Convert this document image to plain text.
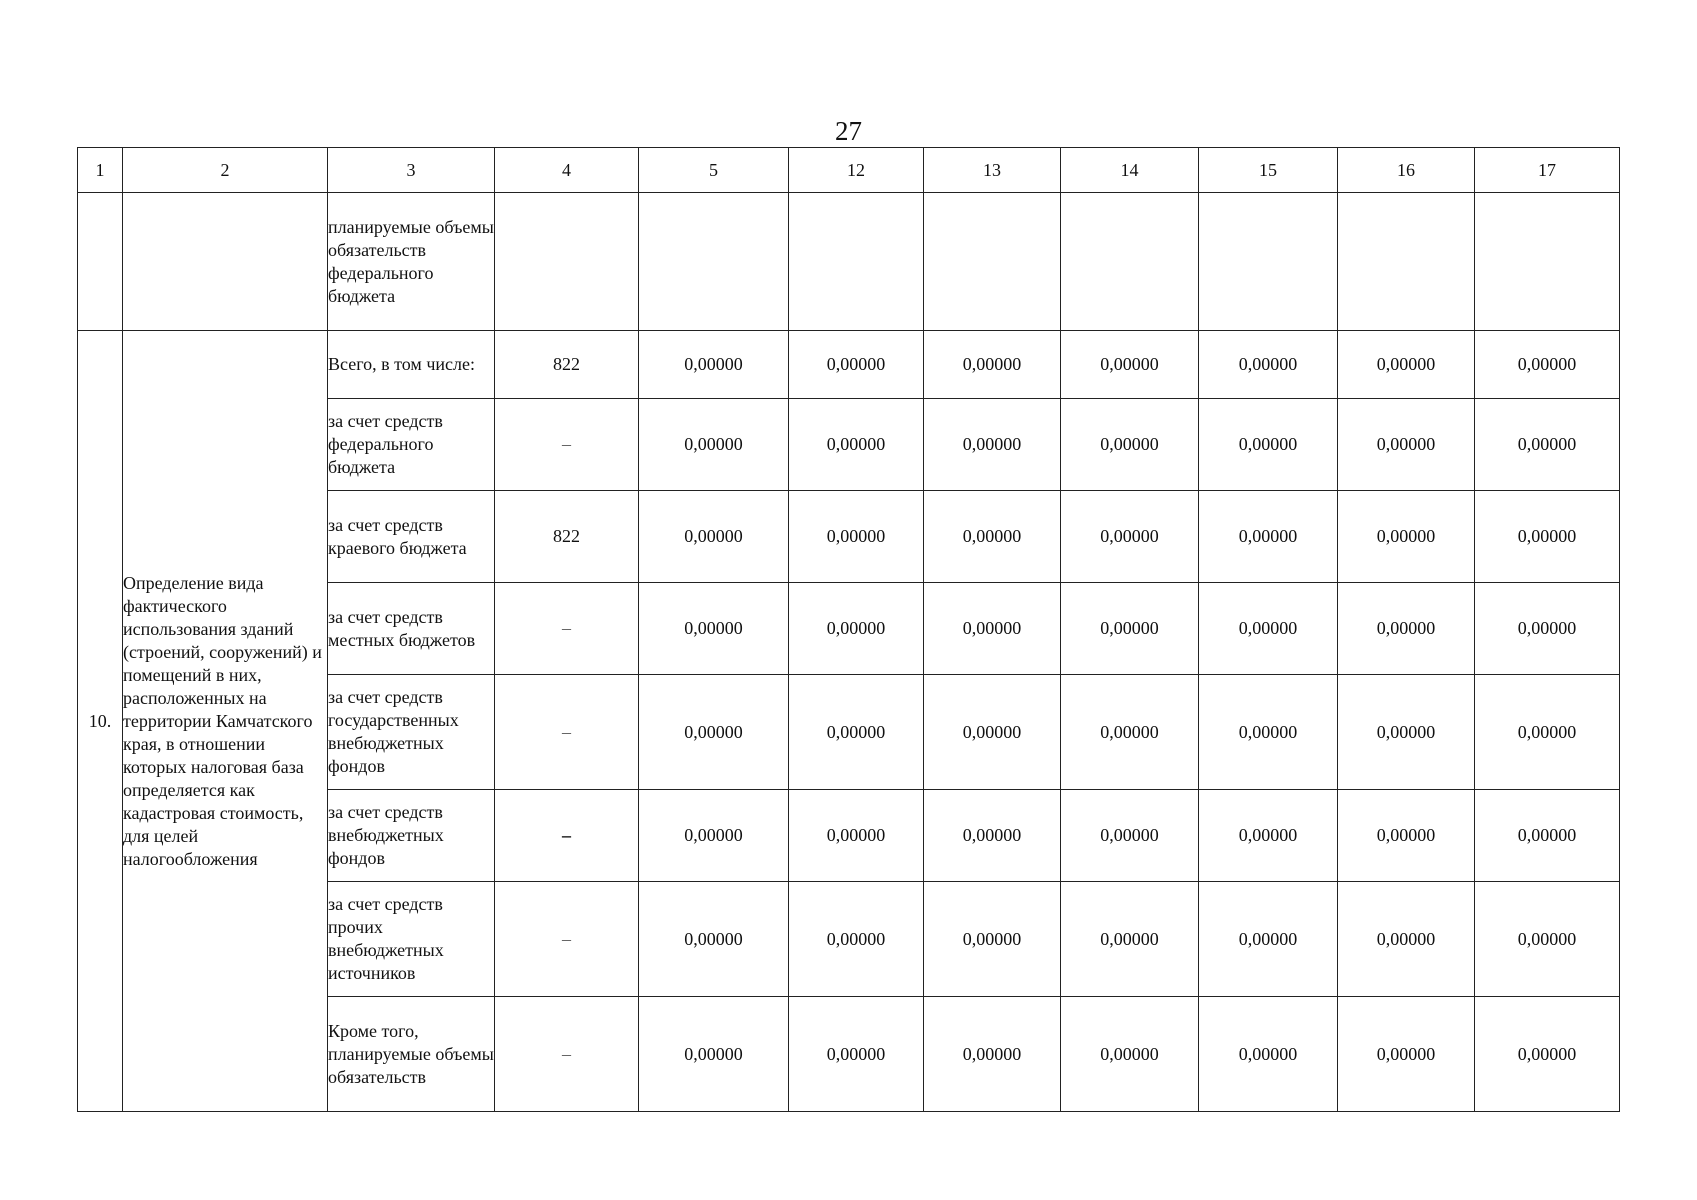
27
1	2	3	4	5	12	13	14	15	16	17
		планируемые объемы обязательств федерального бюджета								
10.	Определение вида фактического использования зданий (строений, сооружений) и помещений в них, расположенных на территории Камчатского края, в отношении которых налоговая база определяется как кадастровая стоимость, для целей налогообложения	Всего, в том числе:	822	0,00000	0,00000	0,00000	0,00000	0,00000	0,00000	0,00000
		за счет средств федерального бюджета	–	0,00000	0,00000	0,00000	0,00000	0,00000	0,00000	0,00000
		за счет средств краевого бюджета	822	0,00000	0,00000	0,00000	0,00000	0,00000	0,00000	0,00000
		за счет средств местных бюджетов	–	0,00000	0,00000	0,00000	0,00000	0,00000	0,00000	0,00000
		за счет средств государственных внебюджетных фондов	–	0,00000	0,00000	0,00000	0,00000	0,00000	0,00000	0,00000
		за счет средств внебюджетных фондов	–	0,00000	0,00000	0,00000	0,00000	0,00000	0,00000	0,00000
		за счет средств прочих внебюджетных источников	–	0,00000	0,00000	0,00000	0,00000	0,00000	0,00000	0,00000
		Кроме того, планируемые объемы обязательств	–	0,00000	0,00000	0,00000	0,00000	0,00000	0,00000	0,00000
